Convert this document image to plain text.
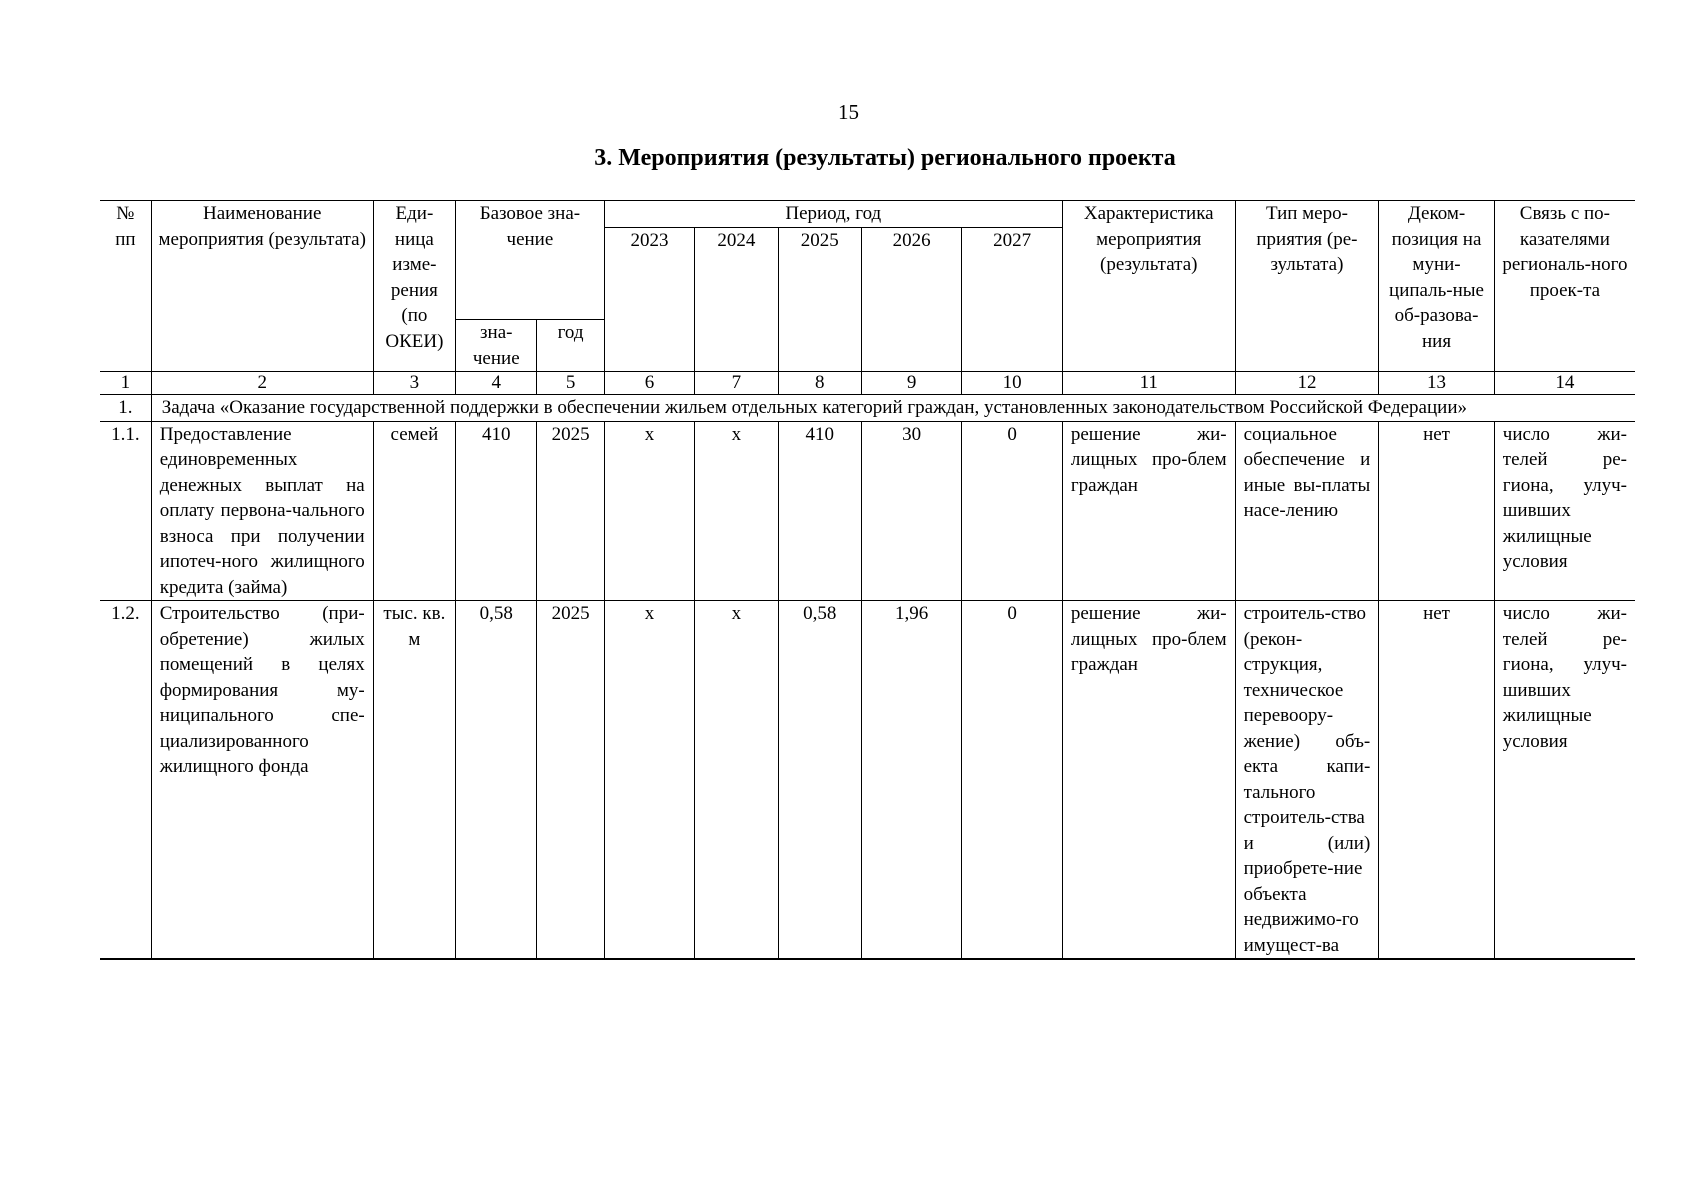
15
3. Мероприятия (результаты) регионального проекта
№ пп	Наименование мероприятия (результата)	Еди-ница изме-рения (по ОКЕИ)	Базовое зна-чение		Период, год					Характеристика мероприятия (результата)	Тип меро-приятия (ре-зультата)	Деком-позиция на муни-ципаль-ные об-разова-ния	Связь с по-казателями региональ-ного проек-та
					2023	2024	2025	2026	2027				
			зна-чение	год									
1	2	3	4	5	6	7	8	9	10	11	12	13	14
1.	Задача «Оказание государственной поддержки в обеспечении жильем отдельных категорий граждан, установленных законодательством Российской Федерации»												
1.1.	Предоставление единовременных денежных выплат на оплату первона-чального взноса при получении ипотеч-ного жилищного кредита (займа)	семей	410	2025	х	х	410	30	0	решение жи-лищных про-блем граждан	социальное обеспечение и иные вы-платы насе-лению	нет	число жи-телей ре-гиона, улуч-шивших жилищные условия
1.2.	Строительство (при-обретение) жилых помещений в целях формирования му-ниципального спе-циализированного жилищного фонда	тыс. кв. м	0,58	2025	х	х	0,58	1,96	0	решение жи-лищных про-блем граждан	строитель-ство (рекон-струкция, техническое перевоору-жение) объ-екта капи-тального строитель-ства и (или) приобрете-ние объекта недвижимо-го имущест-ва	нет	число жи-телей ре-гиона, улуч-шивших жилищные условия
